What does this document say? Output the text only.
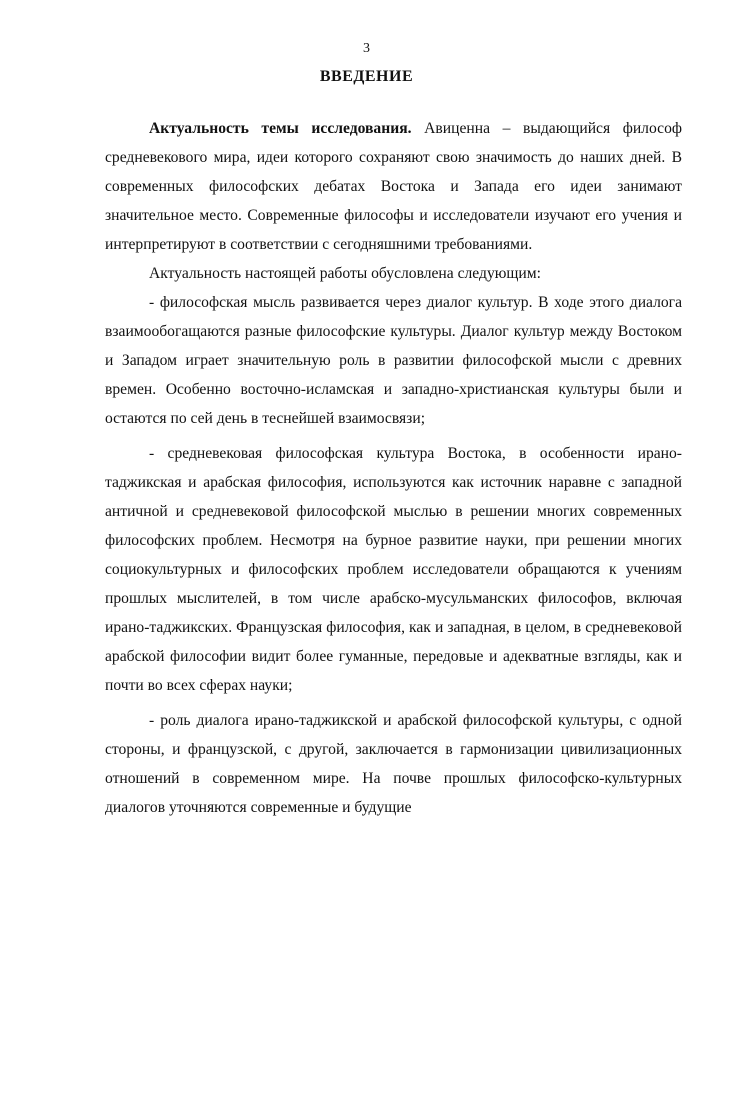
3
ВВЕДЕНИЕ

Актуальность темы исследования. Авиценна – выдающийся философ средневекового мира, идеи которого сохраняют свою значимость до наших дней. В современных философских дебатах Востока и Запада его идеи занимают значительное место. Современные философы и исследователи изучают его учения и интерпретируют в соответствии с сегодняшними требованиями.

Актуальность настоящей работы обусловлена следующим:

- философская мысль развивается через диалог культур. В ходе этого диалога взаимообогащаются разные философские культуры. Диалог культур между Востоком и Западом играет значительную роль в развитии философской мысли с древних времен. Особенно восточно-исламская и западно-христианская культуры были и остаются по сей день в теснейшей взаимосвязи;

- средневековая философская культура Востока, в особенности ирано-таджикская и арабская философия, используются как источник наравне с западной античной и средневековой философской мыслью в решении многих современных философских проблем. Несмотря на бурное развитие науки, при решении многих социокультурных и философских проблем исследователи обращаются к учениям прошлых мыслителей, в том числе арабско-мусульманских философов, включая ирано-таджикских. Французская философия, как и западная, в целом, в средневековой арабской философии видит более гуманные, передовые и адекватные взгляды, как и почти во всех сферах науки;

- роль диалога ирано-таджикской и арабской философской культуры, с одной стороны, и французской, с другой, заключается в гармонизации цивилизационных отношений в современном мире. На почве прошлых философско-культурных диалогов уточняются современные и будущие
